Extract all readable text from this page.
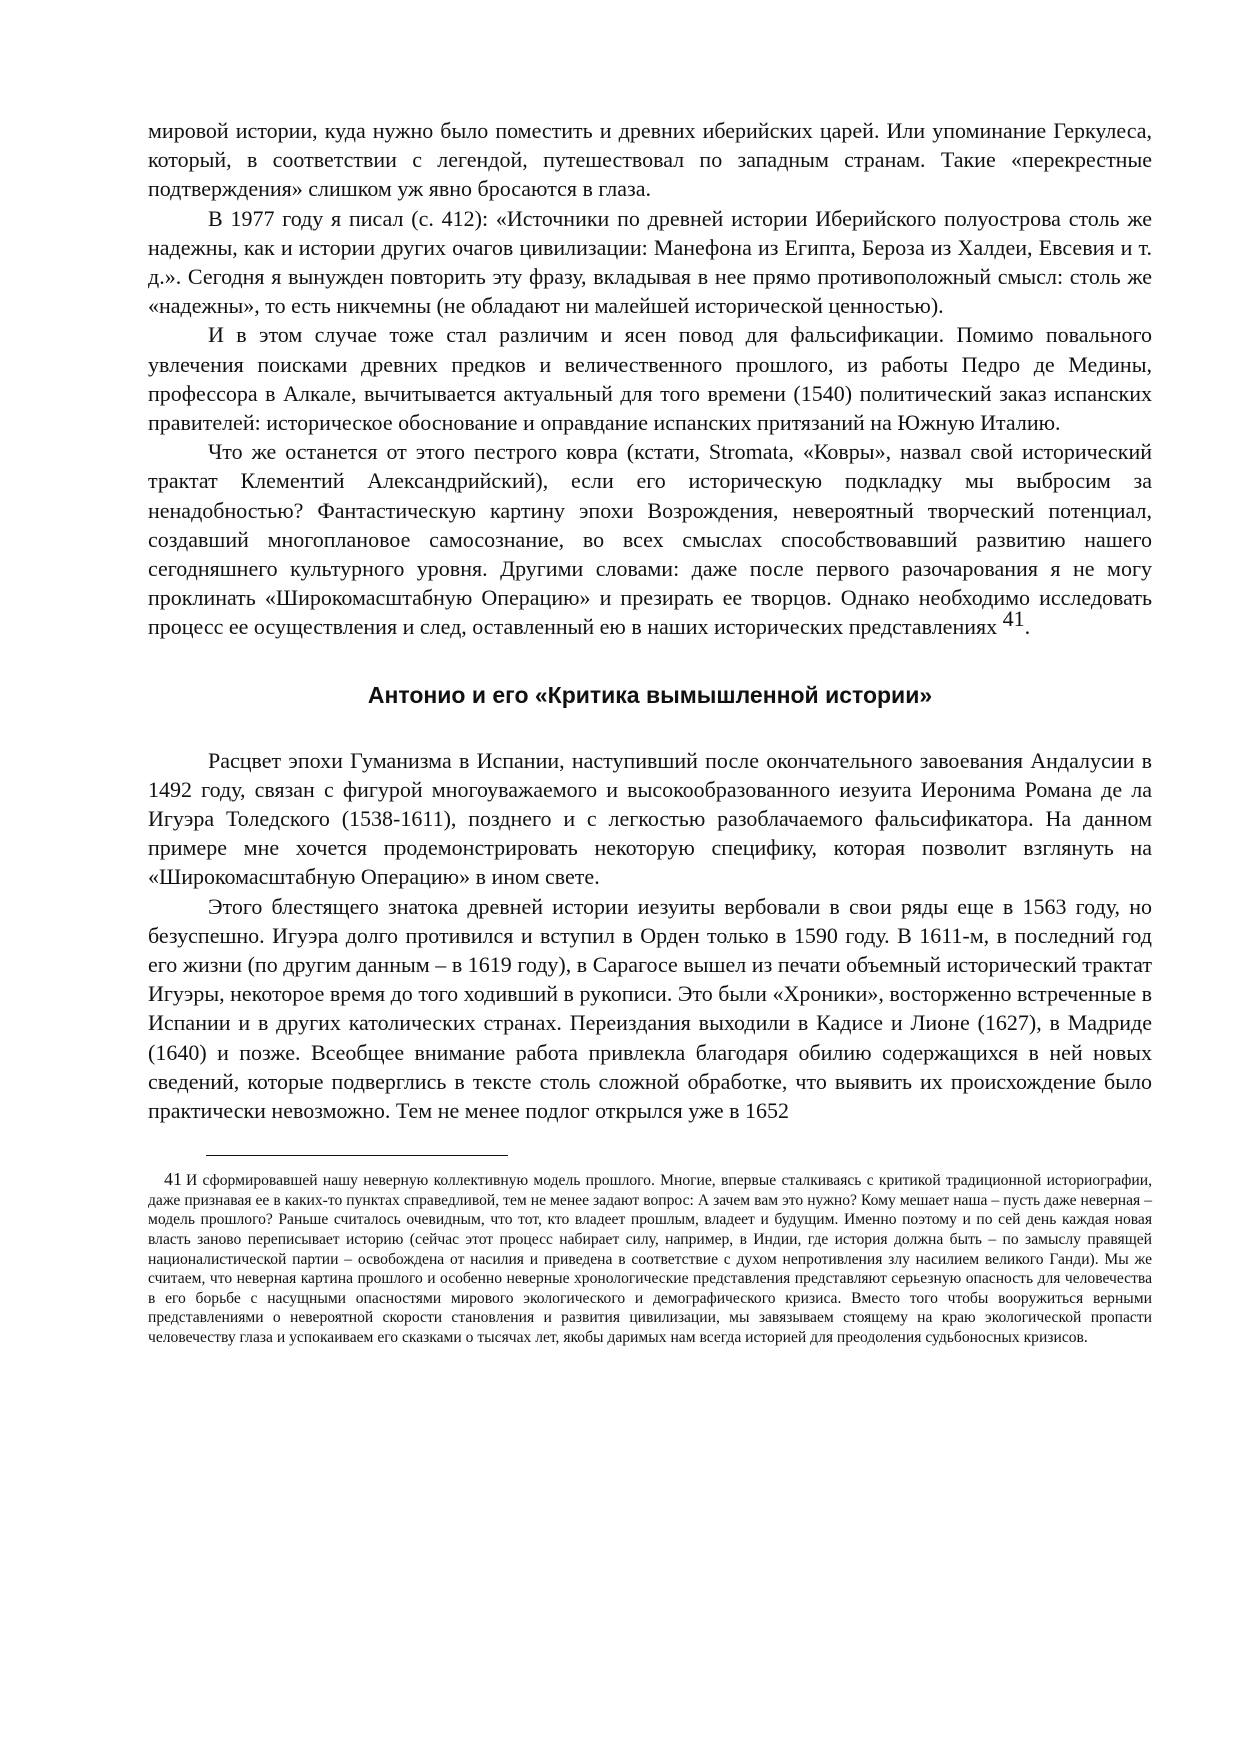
мировой истории, куда нужно было поместить и древних иберийских царей. Или упоминание Геркулеса, который, в соответствии с легендой, путешествовал по западным странам. Такие «перекрестные подтверждения» слишком уж явно бросаются в глаза.

В 1977 году я писал (с. 412): «Источники по древней истории Иберийского полуострова столь же надежны, как и истории других очагов цивилизации: Манефона из Египта, Бероза из Халдеи, Евсевия и т. д.». Сегодня я вынужден повторить эту фразу, вкладывая в нее прямо противоположный смысл: столь же «надежны», то есть никчемны (не обладают ни малейшей исторической ценностью).

И в этом случае тоже стал различим и ясен повод для фальсификации. Помимо повального увлечения поисками древних предков и величественного прошлого, из работы Педро де Медины, профессора в Алкале, вычитывается актуальный для того времени (1540) политический заказ испанских правителей: историческое обоснование и оправдание испанских притязаний на Южную Италию.

Что же останется от этого пестрого ковра (кстати, Stromata, «Ковры», назвал свой исторический трактат Клементий Александрийский), если его историческую подкладку мы выбросим за ненадобностью? Фантастическую картину эпохи Возрождения, невероятный творческий потенциал, создавший многоплановое самосознание, во всех смыслах способствовавший развитию нашего сегодняшнего культурного уровня. Другими словами: даже после первого разочарования я не могу проклинать «Широкомасштабную Операцию» и презирать ее творцов. Однако необходимо исследовать процесс ее осуществления и след, оставленный ею в наших исторических представлениях 41.

Антонио и его «Критика вымышленной истории»

Расцвет эпохи Гуманизма в Испании, наступивший после окончательного завоевания Андалусии в 1492 году, связан с фигурой многоуважаемого и высокообразованного иезуита Иеронима Романа де ла Игуэра Толедского (1538-1611), позднего и с легкостью разоблачаемого фальсификатора. На данном примере мне хочется продемонстрировать некоторую специфику, которая позволит взглянуть на «Широкомасштабную Операцию» в ином свете.

Этого блестящего знатока древней истории иезуиты вербовали в свои ряды еще в 1563 году, но безуспешно. Игуэра долго противился и вступил в Орден только в 1590 году. В 1611-м, в последний год его жизни (по другим данным – в 1619 году), в Сарагосе вышел из печати объемный исторический трактат Игуэры, некоторое время до того ходивший в рукописи. Это были «Хроники», восторженно встреченные в Испании и в других католических странах. Переиздания выходили в Кадисе и Лионе (1627), в Мадриде (1640) и позже. Всеобщее внимание работа привлекла благодаря обилию содержащихся в ней новых сведений, которые подверглись в тексте столь сложной обработке, что выявить их происхождение было практически невозможно. Тем не менее подлог открылся уже в 1652

41 И сформировавшей нашу неверную коллективную модель прошлого. Многие, впервые сталкиваясь с критикой традиционной историографии, даже признавая ее в каких-то пунктах справедливой, тем не менее задают вопрос: А зачем вам это нужно? Кому мешает наша – пусть даже неверная – модель прошлого? Раньше считалось очевидным, что тот, кто владеет прошлым, владеет и будущим. Именно поэтому и по сей день каждая новая власть заново переписывает историю (сейчас этот процесс набирает силу, например, в Индии, где история должна быть – по замыслу правящей националистической партии – освобождена от насилия и приведена в соответствие с духом непротивления злу насилием великого Ганди). Мы же считаем, что неверная картина прошлого и особенно неверные хронологические представления представляют серьезную опасность для человечества в его борьбе с насущными опасностями мирового экологического и демографического кризиса. Вместо того чтобы вооружиться верными представлениями о невероятной скорости становления и развития цивилизации, мы завязываем стоящему на краю экологической пропасти человечеству глаза и успокаиваем его сказками о тысячах лет, якобы даримых нам всегда историей для преодоления судьбоносных кризисов.
